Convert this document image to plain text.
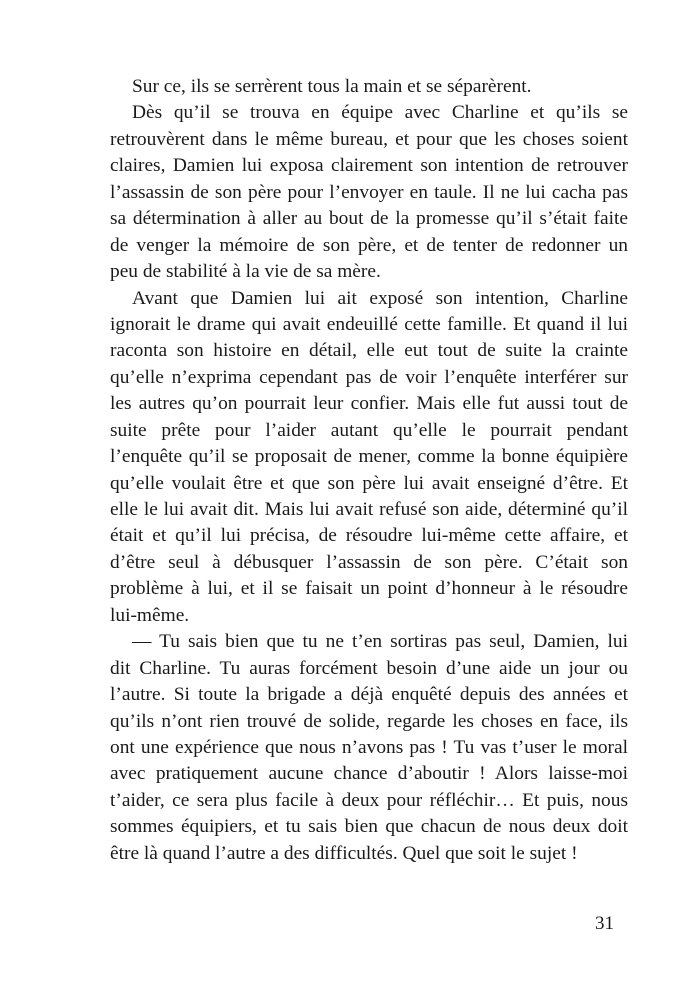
Sur ce, ils se serrèrent tous la main et se séparèrent.
Dès qu’il se trouva en équipe avec Charline et qu’ils se
retrouvèrent dans le même bureau, et pour que les choses soient
claires, Damien lui exposa clairement son intention de retrouver
l’assassin de son père pour l’envoyer en taule. Il ne lui cacha pas
sa détermination à aller au bout de la promesse qu’il s’était faite
de venger la mémoire de son père, et de tenter de redonner un
peu de stabilité à la vie de sa mère.
Avant que Damien lui ait exposé son intention, Charline
ignorait le drame qui avait endeuillé cette famille. Et quand il lui
raconta son histoire en détail, elle eut tout de suite la crainte
qu’elle n’exprima cependant pas de voir l’enquête interférer sur
les autres qu’on pourrait leur confier. Mais elle fut aussi tout de
suite prête pour l’aider autant qu’elle le pourrait pendant
l’enquête qu’il se proposait de mener, comme la bonne équipière
qu’elle voulait être et que son père lui avait enseigné d’être. Et
elle le lui avait dit. Mais lui avait refusé son aide, déterminé qu’il
était et qu’il lui précisa, de résoudre lui-même cette affaire, et
d’être seul à débusquer l’assassin de son père. C’était son
problème à lui, et il se faisait un point d’honneur à le résoudre
lui-même.
— Tu sais bien que tu ne t’en sortiras pas seul, Damien, lui
dit Charline. Tu auras forcément besoin d’une aide un jour ou
l’autre. Si toute la brigade a déjà enquêté depuis des années et
qu’ils n’ont rien trouvé de solide, regarde les choses en face, ils
ont une expérience que nous n’avons pas ! Tu vas t’user le moral
avec pratiquement aucune chance d’aboutir ! Alors laisse-moi
t’aider, ce sera plus facile à deux pour réfléchir… Et puis, nous
sommes équipiers, et tu sais bien que chacun de nous deux doit
être là quand l’autre a des difficultés. Quel que soit le sujet !
31
